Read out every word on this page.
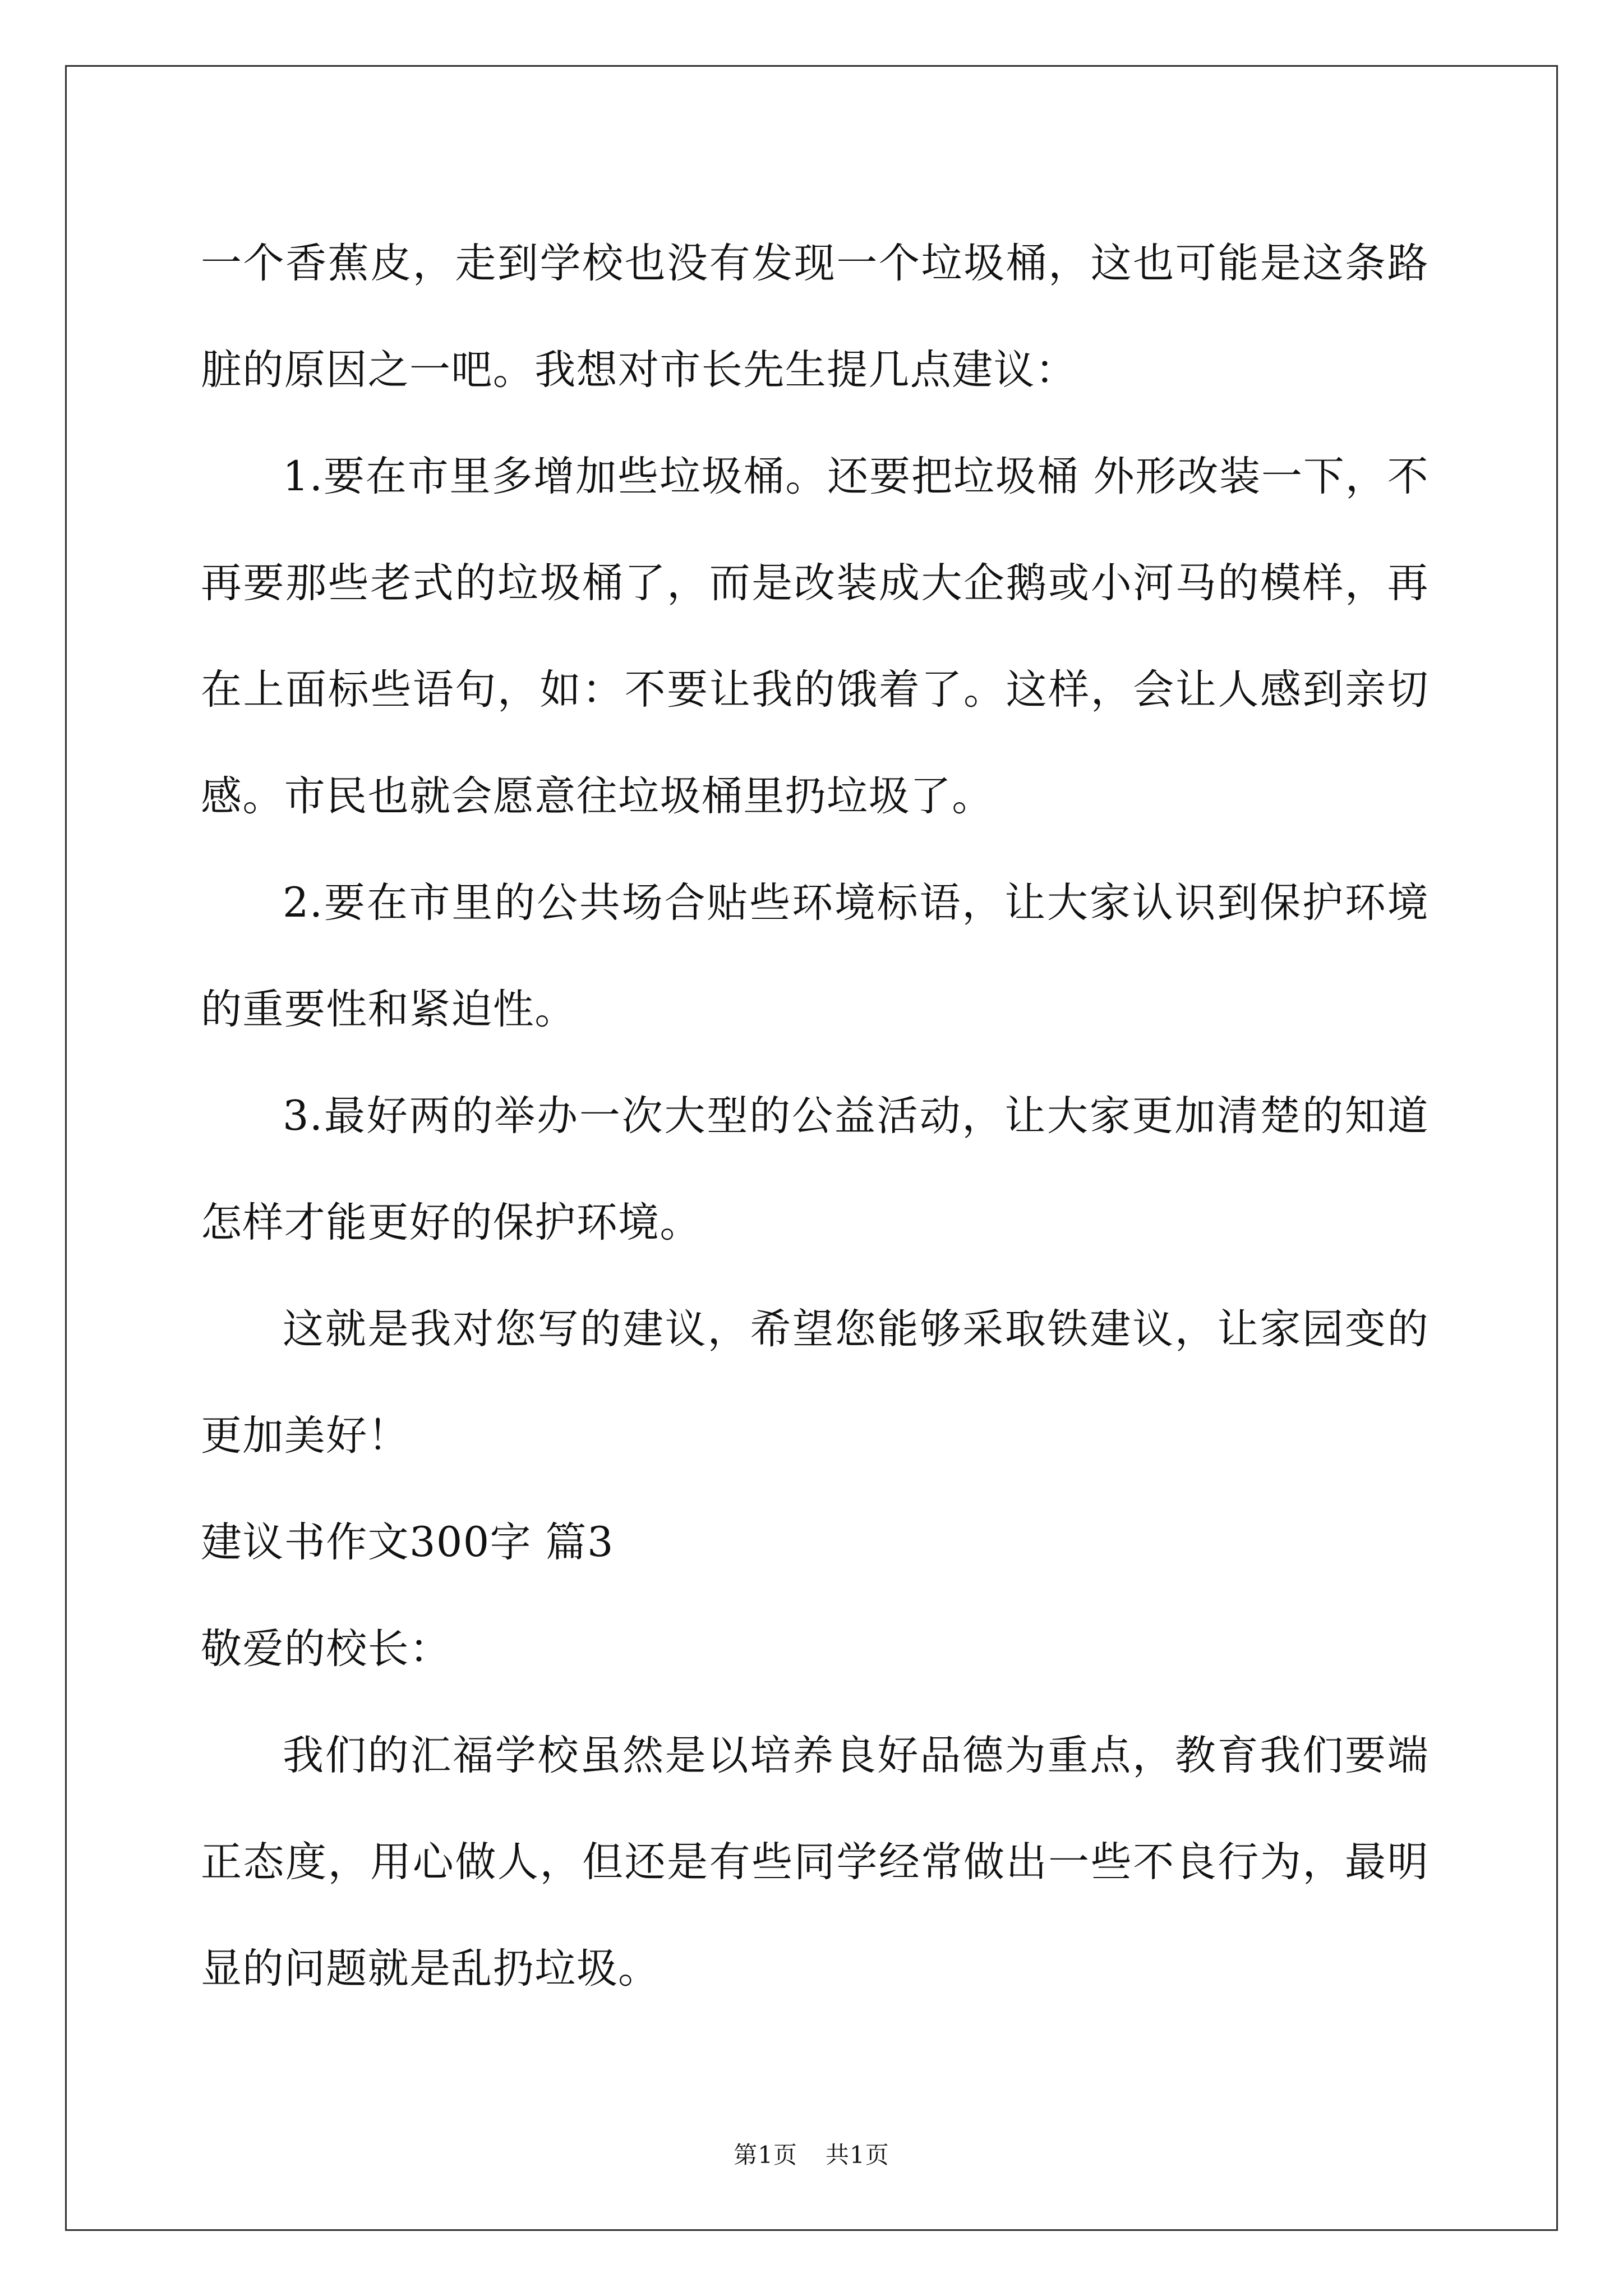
一个香蕉皮，走到学校也没有发现一个垃圾桶，这也可能是这条路脏的原因之一吧。我想对市长先生提几点建议：

1.要在市里多增加些垃圾桶。还要把垃圾桶 外形改装一下，不再要那些老式的垃圾桶了，而是改装成大企鹅或小河马的模样，再在上面标些语句，如：不要让我的饿着了。这样，会让人感到亲切感。市民也就会愿意往垃圾桶里扔垃圾了。

2.要在市里的公共场合贴些环境标语，让大家认识到保护环境的重要性和紧迫性。

3.最好两的举办一次大型的公益活动，让大家更加清楚的知道怎样才能更好的保护环境。

这就是我对您写的建议，希望您能够采取铁建议，让家园变的更加美好！

建议书作文300字 篇3

敬爱的校长：

我们的汇福学校虽然是以培养良好品德为重点，教育我们要端正态度，用心做人，但还是有些同学经常做出一些不良行为，最明显的问题就是乱扔垃圾。

第1页 共1页
